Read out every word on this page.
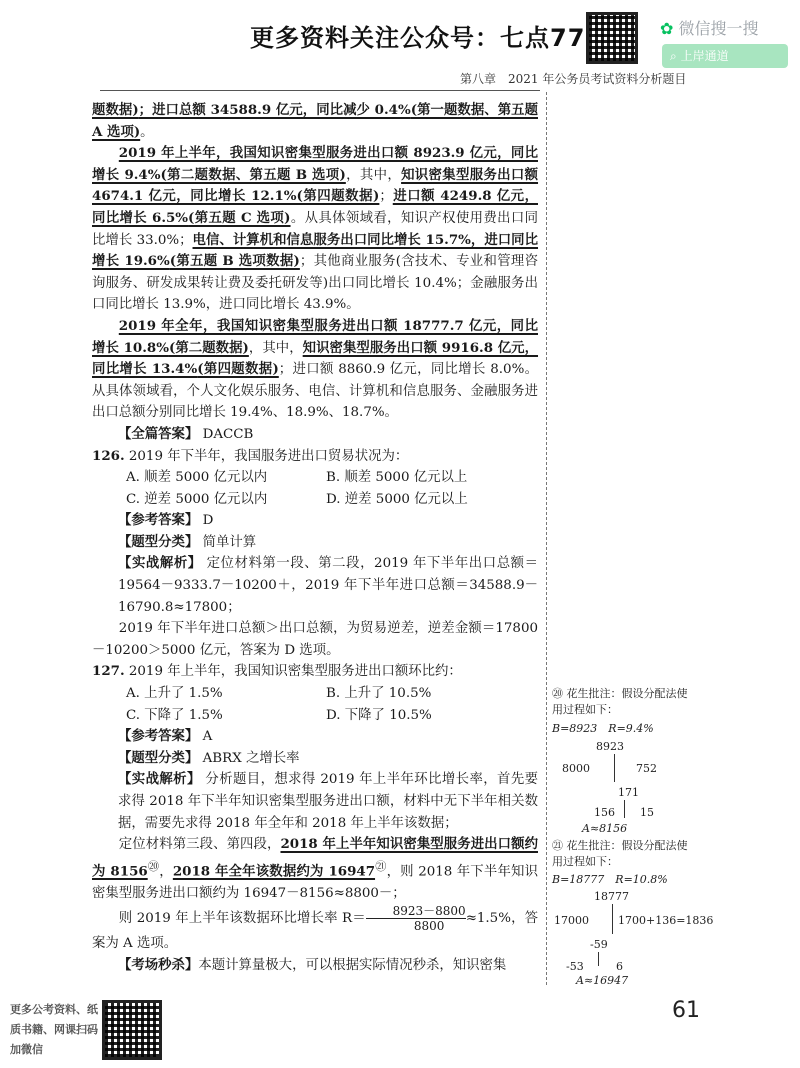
更多资料关注公众号：七点77	✿ 微信搜一搜
⌕ 上岸通道
第八章　2021 年公务员考试资料分析题目

题数据)；进口总额 34588.9 亿元，同比减少 0.4%(第一题数据、第五题 A 选项)。

2019 年上半年，我国知识密集型服务进出口额 8923.9 亿元，同比增长 9.4%(第二题数据、第五题 B 选项)，其中，知识密集型服务出口额 4674.1 亿元，同比增长 12.1%(第四题数据)；进口额 4249.8 亿元，同比增长 6.5%(第五题 C 选项)。从具体领域看，知识产权使用费出口同比增长 33.0%；电信、计算机和信息服务出口同比增长 15.7%，进口同比增长 19.6%(第五题 B 选项数据)；其他商业服务(含技术、专业和管理咨询服务、研发成果转让费及委托研发等)出口同比增长 10.4%；金融服务出口同比增长 13.9%，进口同比增长 43.9%。

2019 年全年，我国知识密集型服务进出口额 18777.7 亿元，同比增长 10.8%(第二题数据)，其中，知识密集型服务出口额 9916.8 亿元，同比增长 13.4%(第四题数据)；进口额 8860.9 亿元，同比增长 8.0%。从具体领域看，个人文化娱乐服务、电信、计算机和信息服务、金融服务进出口总额分别同比增长 19.4%、18.9%、18.7%。

【全篇答案】 DACCB

126. 2019 年下半年，我国服务进出口贸易状况为：

A. 顺差 5000 亿元以内	B. 顺差 5000 亿元以上
C. 逆差 5000 亿元以内	D. 逆差 5000 亿元以上

【参考答案】 D

【题型分类】 简单计算

【实战解析】 定位材料第一段、第二段，2019 年下半年出口总额＝19564－9333.7－10200＋，2019 年下半年进口总额＝34588.9－16790.8≈17800；

2019 年下半年进口总额＞出口总额，为贸易逆差，逆差金额＝17800－10200＞5000 亿元，答案为 D 选项。

127. 2019 年上半年，我国知识密集型服务进出口额环比约：

A. 上升了 1.5%	B. 上升了 10.5%
C. 下降了 1.5%	D. 下降了 10.5%

【参考答案】 A

【题型分类】 ABRX 之增长率

【实战解析】 分析题目，想求得 2019 年上半年环比增长率，首先要求得 2018 年下半年知识密集型服务进出口额，材料中无下半年相关数据，需要先求得 2018 年全年和 2018 年上半年该数据；

定位材料第三段、第四段，2018 年上半年知识密集型服务进出口额约为 8156⑳，2018 年全年该数据约为 $16947^㉑$，则 2018 年下半年知识密集型服务进出口额约为 16947－8156≈8800－；

则 2019 年上半年该数据环比增长率 $R= \frac{8923-8800}{8800} \approx 1.5\%$，答案为 A 选项。

【考场秒杀】本题计算量极大，可以根据实际情况秒杀，知识密集

⑳ 花生批注：假设分配法使用过程如下：
B=8923　R=9.4%
8923
8000	752
171
156 15
A≈8156
㉑ 花生批注：假设分配法使用过程如下：
B=18777　R=10.8%
18777
17000	1700+136=1836
-59
-53	6
A≈16947
61
更多公考资料、纸质书籍、网课扫码加微信
